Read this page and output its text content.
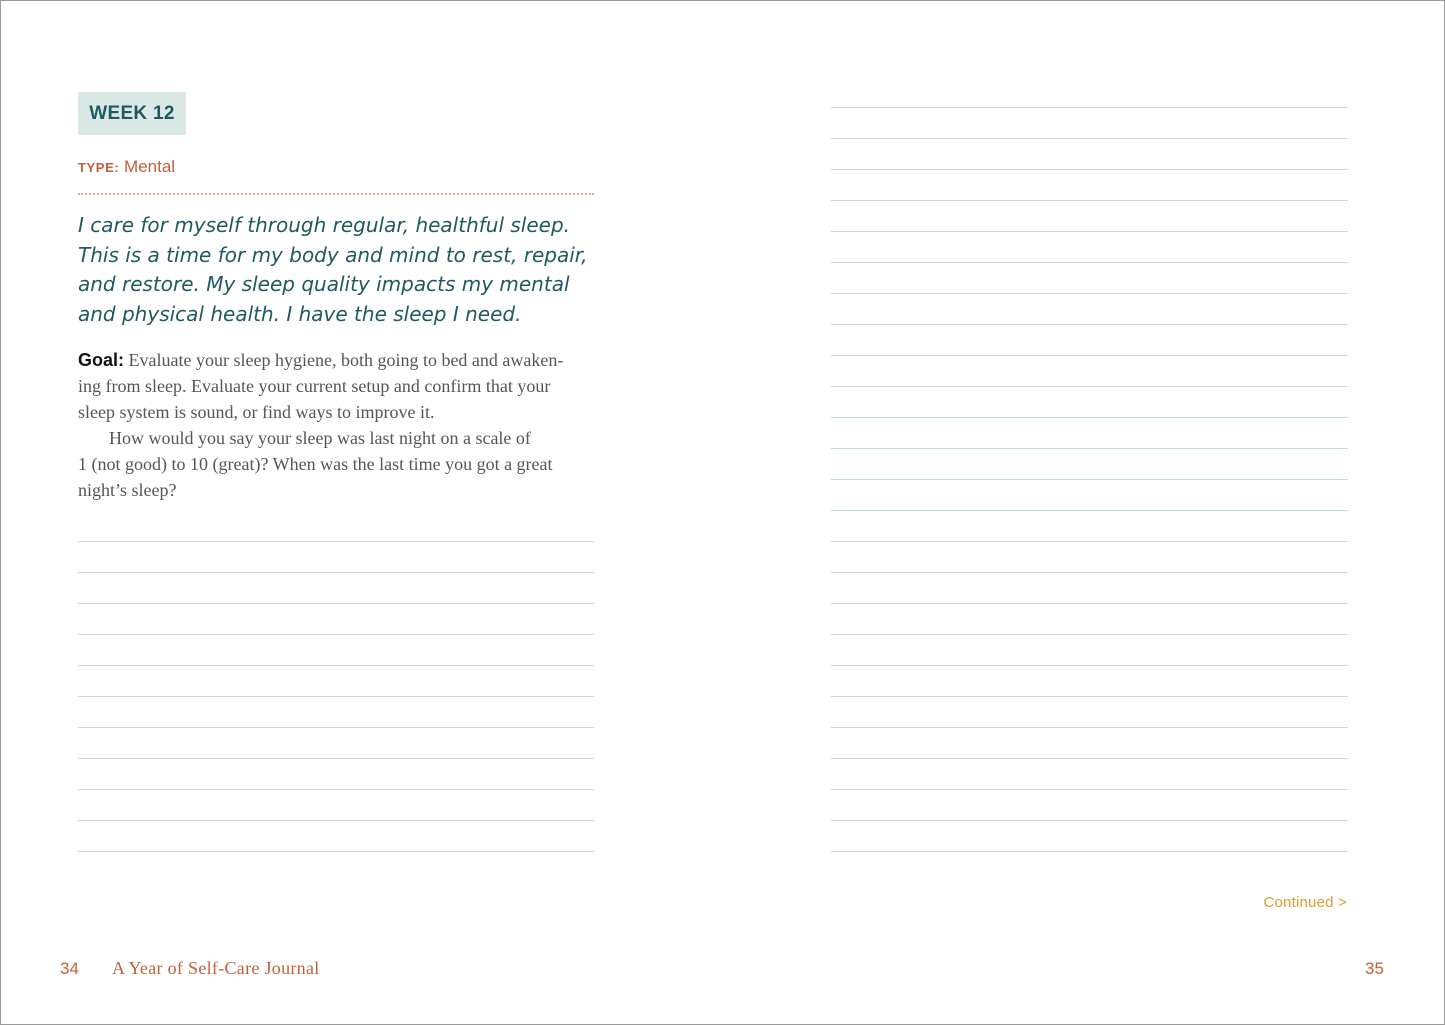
WEEK 12
TYPE: Mental

I care for myself through regular, healthful sleep.
This is a time for my body and mind to rest, repair,
and restore. My sleep quality impacts my mental
and physical health. I have the sleep I need.

Goal: Evaluate your sleep hygiene, both going to bed and awaken-
ing from sleep. Evaluate your current setup and confirm that your
sleep system is sound, or find ways to improve it.

How would you say your sleep was last night on a scale of
1 (not good) to 10 (great)? When was the last time you got a great
night’s sleep?

34 A Year of Self-Care Journal
Continued >
35
